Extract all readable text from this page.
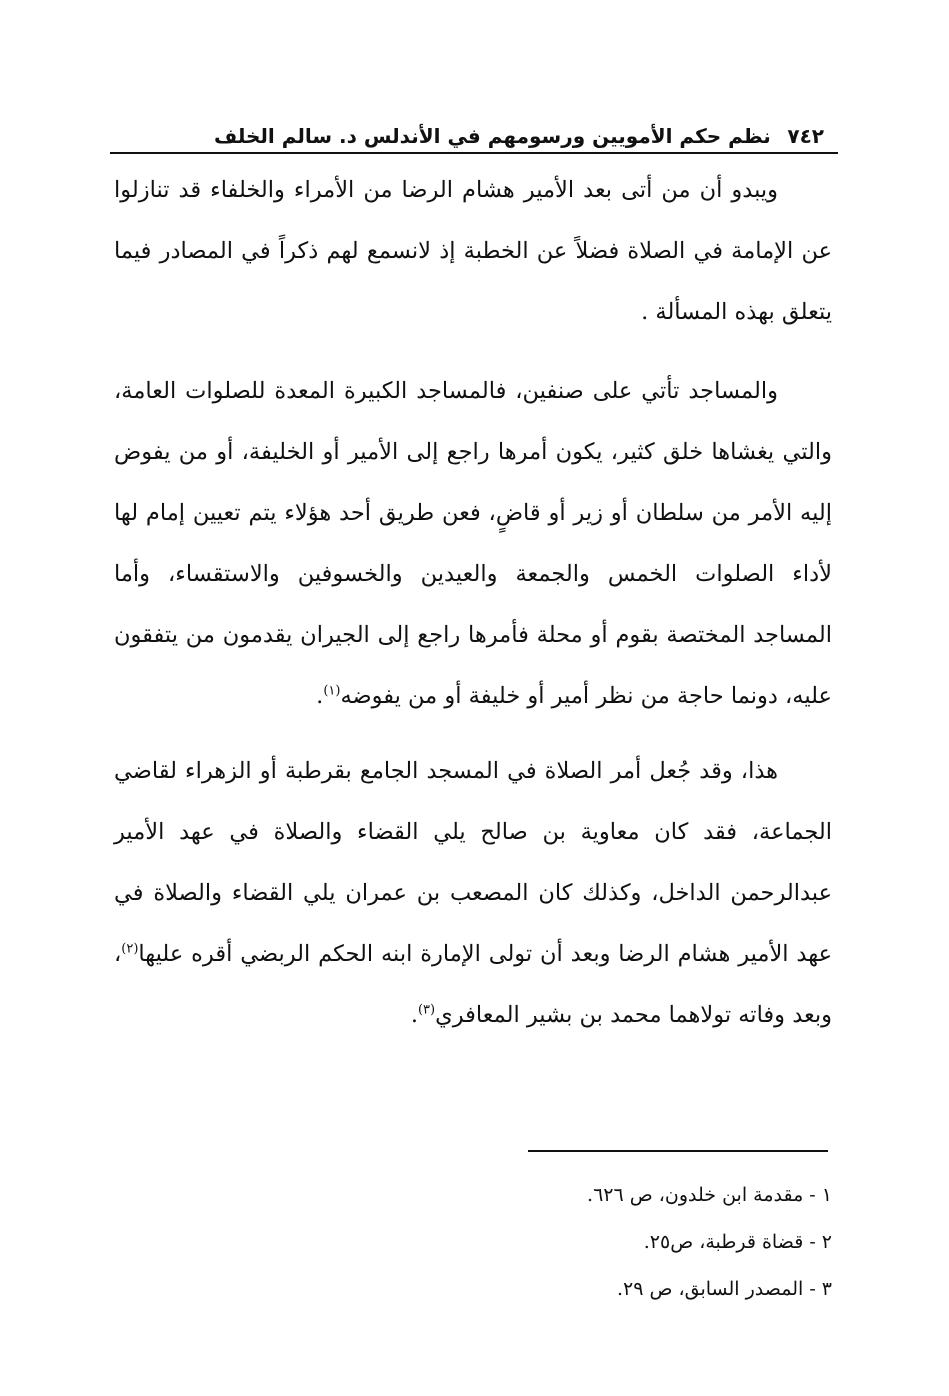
نظم حكم الأمويين ورسومهم في الأندلس د. سالم الخلف ٧٤٢

ويبدو أن من أتى بعد الأمير هشام الرضا من الأمراء والخلفاء قد تنازلوا عن الإمامة في الصلاة فضلاً عن الخطبة إذ لانسمع لهم ذكراً في المصادر فيما يتعلق بهذه المسألة .

والمساجد تأتي على صنفين، فالمساجد الكبيرة المعدة للصلوات العامة، والتي يغشاها خلق كثير، يكون أمرها راجع إلى الأمير أو الخليفة، أو من يفوض إليه الأمر من سلطان أو زير أو قاضٍ، فعن طريق أحد هؤلاء يتم تعيين إمام لها لأداء الصلوات الخمس والجمعة والعيدين والخسوفين والاستقساء، وأما المساجد المختصة بقوم أو محلة فأمرها راجع إلى الجيران يقدمون من يتفقون عليه، دونما حاجة من نظر أمير أو خليفة أو من يفوضه$^{(١)}$.

هذا، وقد جُعل أمر الصلاة في المسجد الجامع بقرطبة أو الزهراء لقاضي الجماعة، فقد كان معاوية بن صالح يلي القضاء والصلاة في عهد الأمير عبدالرحمن الداخل، وكذلك كان المصعب بن عمران يلي القضاء والصلاة في عهد الأمير هشام الرضا وبعد أن تولى الإمارة ابنه الحكم الربضي أقره عليها$^{(٢)}$، وبعد وفاته تولاهما محمد بن بشير المعافري$^{(٣)}$.

١ - مقدمة ابن خلدون، ص ٦٢٦.
٢ - قضاة قرطبة، ص٢٥.
٣ - المصدر السابق، ص ٢٩.
